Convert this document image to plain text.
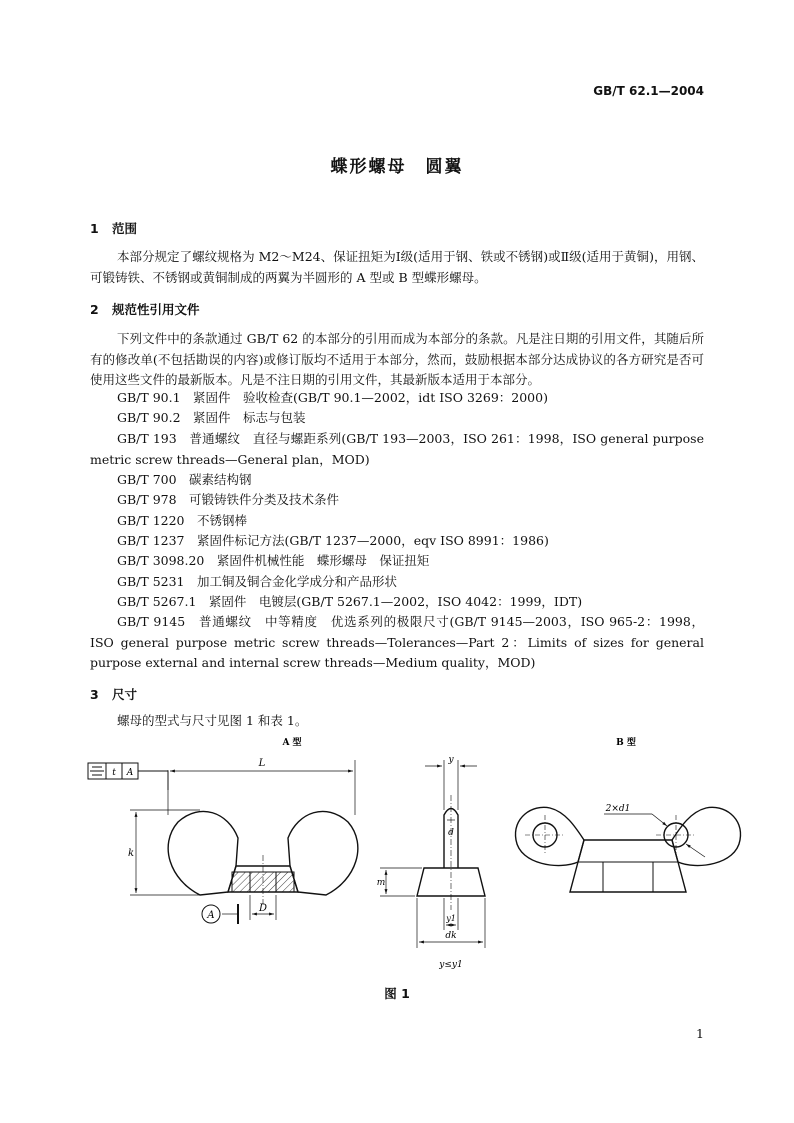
GB/T 62.1—2004
蝶形螺母　圆翼
1 范围
本部分规定了螺纹规格为 M2～M24、保证扭矩为Ⅰ级(适用于钢、铁或不锈钢)或Ⅱ级(适用于黄铜)，用钢、可锻铸铁、不锈钢或黄铜制成的两翼为半圆形的 A 型或 B 型蝶形螺母。
2 规范性引用文件
下列文件中的条款通过 GB/T 62 的本部分的引用而成为本部分的条款。凡是注日期的引用文件，其随后所有的修改单(不包括勘误的内容)或修订版均不适用于本部分，然而，鼓励根据本部分达成协议的各方研究是否可使用这些文件的最新版本。凡是不注日期的引用文件，其最新版本适用于本部分。
GB/T 90.1　紧固件　验收检查(GB/T 90.1—2002，idt ISO 3269：2000)
GB/T 90.2　紧固件　标志与包装
GB/T 193　普通螺纹　直径与螺距系列(GB/T 193—2003，ISO 261：1998，ISO general purpose metric screw threads—General plan，MOD)
GB/T 700　碳素结构钢
GB/T 978　可锻铸铁件分类及技术条件
GB/T 1220　不锈钢棒
GB/T 1237　紧固件标记方法(GB/T 1237—2000，eqv ISO 8991：1986)
GB/T 3098.20　紧固件机械性能　蝶形螺母　保证扭矩
GB/T 5231　加工铜及铜合金化学成分和产品形状
GB/T 5267.1　紧固件　电镀层(GB/T 5267.1—2002，ISO 4042：1999，IDT)
GB/T 9145　普通螺纹　中等精度　优选系列的极限尺寸(GB/T 9145—2003，ISO 965-2：1998，ISO general purpose metric screw threads—Tolerances—Part 2：Limits of sizes for general purpose external and internal screw threads—Medium quality，MOD)
3 尺寸
螺母的型式与尺寸见图 1 和表 1。
A 型	B 型
t A
L
k
D
A
y
d
m
y1
dk
y≤y1
2×d1
图 1
1
